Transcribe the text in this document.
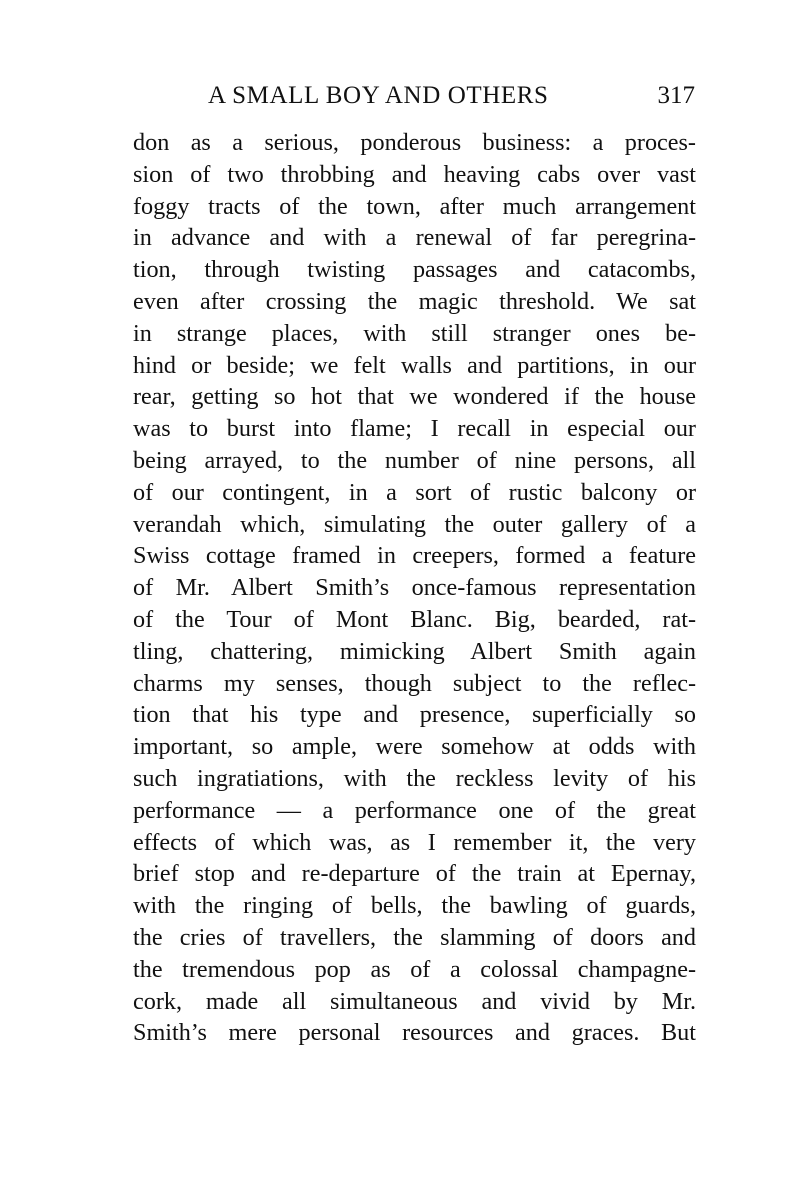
A SMALL BOY AND OTHERS	317
don as a serious, ponderous business: a proces-
sion of two throbbing and heaving cabs over vast
foggy tracts of the town, after much arrangement
in advance and with a renewal of far peregrina-
tion, through twisting passages and catacombs,
even after crossing the magic threshold. We sat
in strange places, with still stranger ones be-
hind or beside; we felt walls and partitions, in our
rear, getting so hot that we wondered if the house
was to burst into flame; I recall in especial our
being arrayed, to the number of nine persons, all
of our contingent, in a sort of rustic balcony or
verandah which, simulating the outer gallery of a
Swiss cottage framed in creepers, formed a feature
of Mr. Albert Smith’s once-famous representation
of the Tour of Mont Blanc. Big, bearded, rat-
tling, chattering, mimicking Albert Smith again
charms my senses, though subject to the reflec-
tion that his type and presence, superficially so
important, so ample, were somehow at odds with
such ingratiations, with the reckless levity of his
performance — a performance one of the great
effects of which was, as I remember it, the very
brief stop and re-departure of the train at Epernay,
with the ringing of bells, the bawling of guards,
the cries of travellers, the slamming of doors and
the tremendous pop as of a colossal champagne-
cork, made all simultaneous and vivid by Mr.
Smith’s mere personal resources and graces. But
